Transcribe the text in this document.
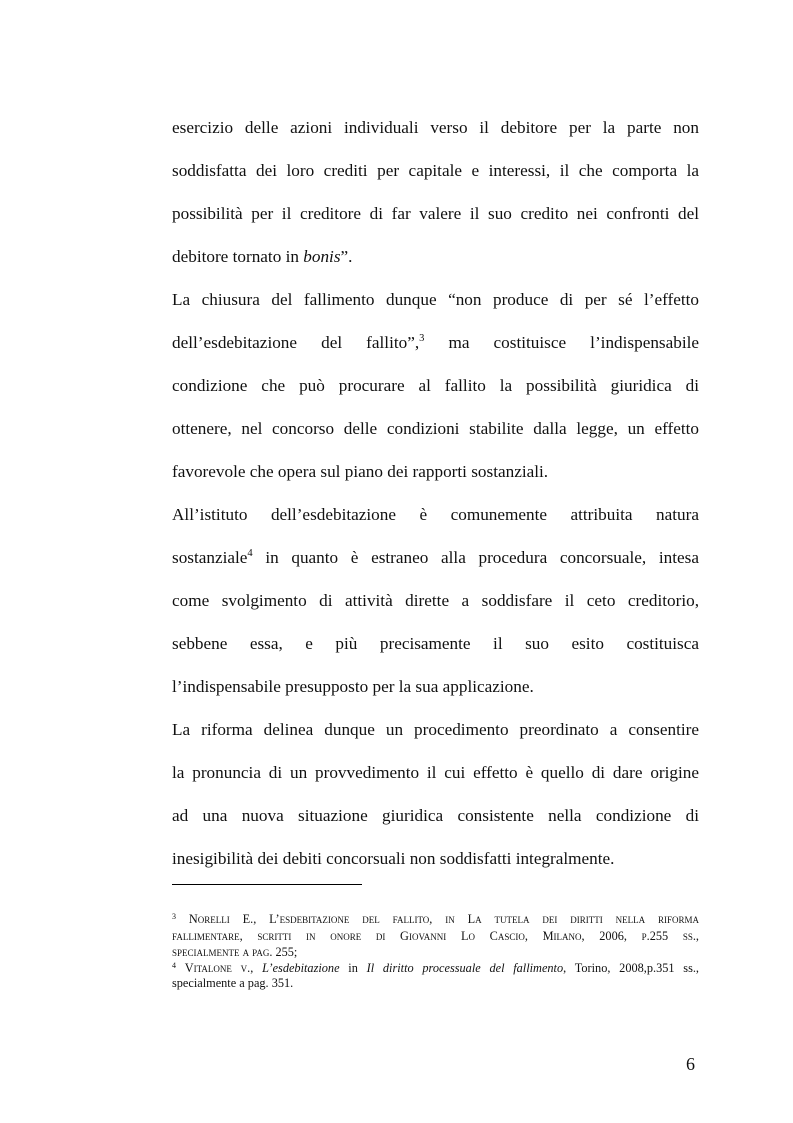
esercizio delle azioni individuali verso il debitore per la parte non
soddisfatta dei loro crediti per capitale e interessi, il che comporta la
possibilità per il creditore di far valere il suo credito nei confronti del
debitore tornato in bonis”.
La chiusura del fallimento dunque “non produce di per sé l’effetto
dell’esdebitazione del fallito”,$^3$ ma costituisce l’indispensabile
condizione che può procurare al fallito la possibilità giuridica di
ottenere, nel concorso delle condizioni stabilite dalla legge, un effetto
favorevole che opera sul piano dei rapporti sostanziali.
All’istituto dell’esdebitazione è comunemente attribuita natura
sostanziale$^4$ in quanto è estraneo alla procedura concorsuale, intesa
come svolgimento di attività dirette a soddisfare il ceto creditorio,
sebbene essa, e più precisamente il suo esito costituisca
l’indispensabile presupposto per la sua applicazione.
La riforma delinea dunque un procedimento preordinato a consentire
la pronuncia di un provvedimento il cui effetto è quello di dare origine
ad una nuova situazione giuridica consistente nella condizione di
inesigibilità dei debiti concorsuali non soddisfatti integralmente.
$^3$ Norelli E., L’esdebitazione del fallito, in La tutela dei diritti nella riforma
fallimentare, scritti in onore di Giovanni Lo Cascio, Milano, 2006, p.255 ss.,
specialmente a pag. 255;
$^4$ Vitalone v., L’esdebitazione in Il diritto processuale del fallimento, Torino, 2008,p.351 ss.,
specialmente a pag. 351.
6
